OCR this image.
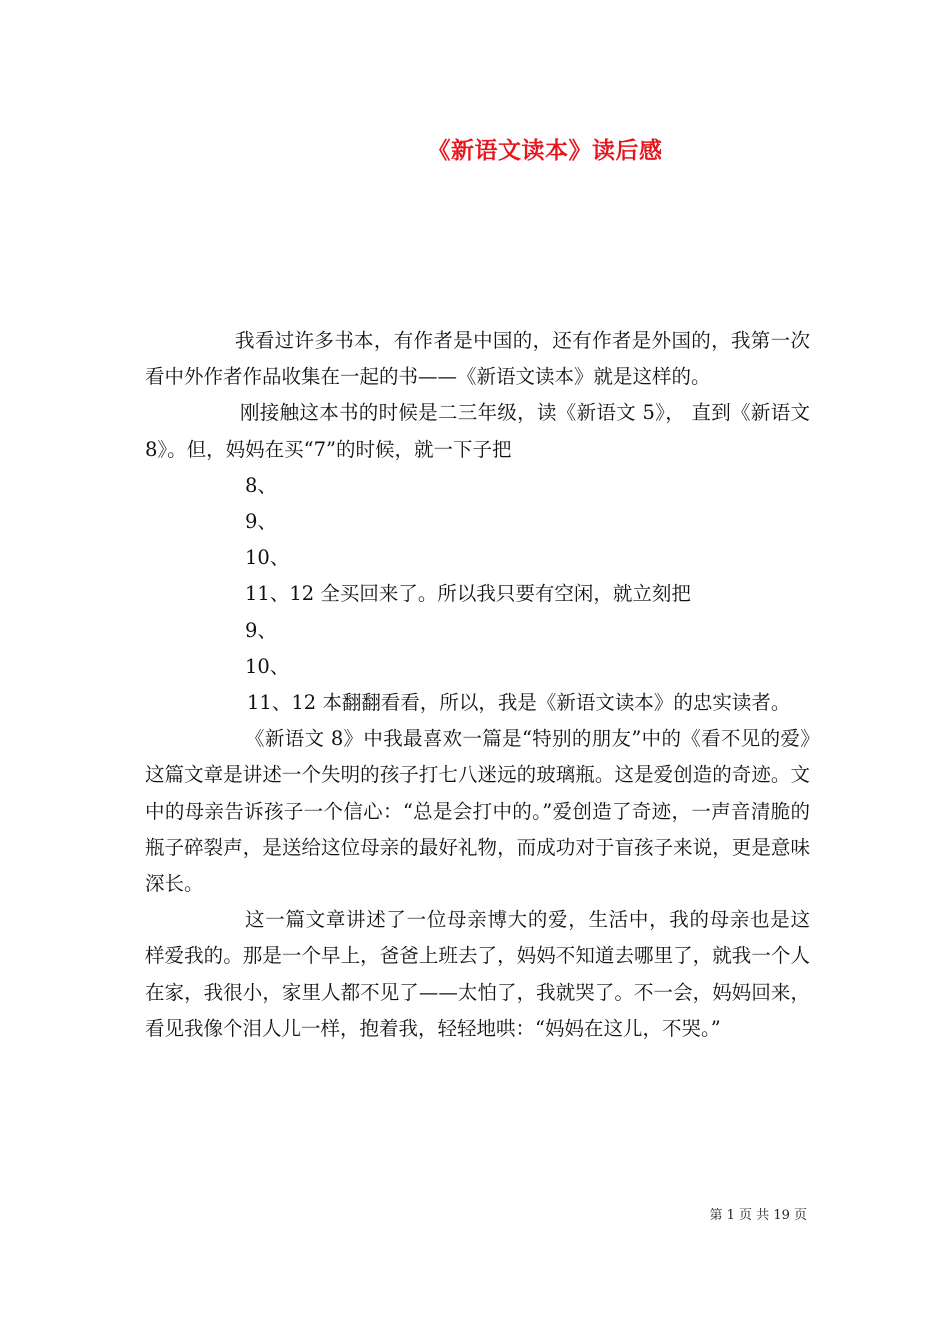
《新语文读本》读后感

我看过许多书本，有作者是中国的，还有作者是外国的，我第一次看中外作者作品收集在一起的书——《新语文读本》就是这样的。

刚接触这本书的时候是二三年级，读《新语文 5》， 直到《新语文 8》。但，妈妈在买“7”的时候，就一下子把

8、

9、

10、

11、12 全买回来了。所以我只要有空闲，就立刻把

9、

10、

11、12 本翻翻看看，所以，我是《新语文读本》的忠实读者。

《新语文 8》中我最喜欢一篇是“特别的朋友”中的《看不见的爱》这篇文章是讲述一个失明的孩子打七八迷远的玻璃瓶。这是爱创造的奇迹。文中的母亲告诉孩子一个信心：“总是会打中的。”爱创造了奇迹，一声音清脆的瓶子碎裂声，是送给这位母亲的最好礼物，而成功对于盲孩子来说，更是意味深长。

这一篇文章讲述了一位母亲博大的爱，生活中，我的母亲也是这样爱我的。那是一个早上，爸爸上班去了，妈妈不知道去哪里了，就我一个人在家，我很小，家里人都不见了——太怕了，我就哭了。不一会，妈妈回来，看见我像个泪人儿一样，抱着我，轻轻地哄：“妈妈在这儿，不哭。”

第 1 页 共 19 页
